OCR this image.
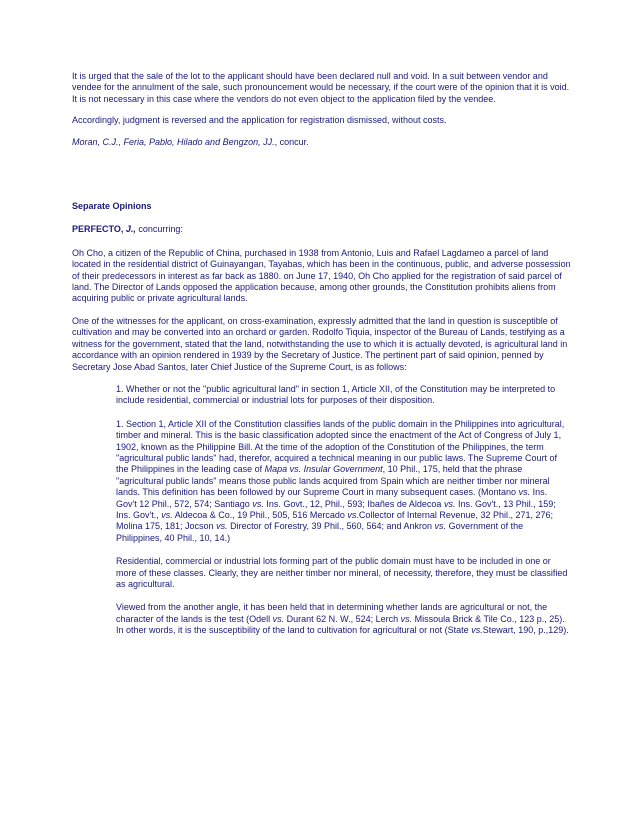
It is urged that the sale of the lot to the applicant should have been declared null and void. In a suit between vendor and vendee for the annulment of the sale, such pronouncement would be necessary, if the court were of the opinion that it is void. It is not necessary in this case where the vendors do not even object to the application filed by the vendee.

Accordingly, judgment is reversed and the application for registration dismissed, without costs.

Moran, C.J., Feria, Pablo, Hilado and Bengzon, JJ., concur.

Separate Opinions

PERFECTO, J., concurring:

Oh Cho, a citizen of the Republic of China, purchased in 1938 from Antonio, Luis and Rafael Lagdameo a parcel of land located in the residential district of Guinayangan, Tayabas, which has been in the continuous, public, and adverse possession of their predecessors in interest as far back as 1880. on June 17, 1940, Oh Cho applied for the registration of said parcel of land. The Director of Lands opposed the application because, among other grounds, the Constitution prohibits aliens from acquiring public or private agricultural lands.

One of the witnesses for the applicant, on cross-examination, expressly admitted that the land in question is susceptible of cultivation and may be converted into an orchard or garden. Rodolfo Tiquia, inspector of the Bureau of Lands, testifying as a witness for the government, stated that the land, notwithstanding the use to which it is actually devoted, is agricultural land in accordance with an opinion rendered in 1939 by the Secretary of Justice. The pertinent part of said opinion, penned by Secretary Jose Abad Santos, later Chief Justice of the Supreme Court, is as follows:

1. Whether or not the "public agricultural land" in section 1, Article XII, of the Constitution may be interpreted to include residential, commercial or industrial lots for purposes of their disposition.

1. Section 1, Article XII of the Constitution classifies lands of the public domain in the Philippines into agricultural, timber and mineral. This is the basic classification adopted since the enactment of the Act of Congress of July 1, 1902, known as the Philippine Bill. At the time of the adoption of the Constitution of the Philippines, the term "agricultural public lands" had, therefor, acquired a technical meaning in our public laws. The Supreme Court of the Philippines in the leading case of Mapa vs. Insular Government, 10 Phil., 175, held that the phrase "agricultural public lands" means those public lands acquired from Spain which are neither timber nor mineral lands. This definition has been followed by our Supreme Court in many subsequent cases. (Montano vs. Ins. Gov't 12 Phil., 572, 574; Santiago vs. Ins. Govt., 12, Phil., 593; Ibañes de Aldecoa vs. Ins. Gov't., 13 Phil., 159; Ins. Gov't., vs. Aldecoa & Co., 19 Phil., 505, 516 Mercado vs.Collector of Internal Revenue, 32 Phil., 271, 276; Molina 175, 181; Jocson vs. Director of Forestry, 39 Phil., 560, 564; and Ankron vs. Government of the Philippines, 40 Phil., 10, 14.)

Residential, commercial or industrial lots forming part of the public domain must have to be included in one or more of these classes. Clearly, they are neither timber nor mineral, of necessity, therefore, they must be classified as agricultural.

Viewed from the another angle, it has been held that in determining whether lands are agricultural or not, the character of the lands is the test (Odell vs. Durant 62 N. W., 524; Lerch vs. Missoula Brick & Tile Co., 123 p., 25). In other words, it is the susceptibility of the land to cultivation for agricultural or not (State vs.Stewart, 190, p.,129).
